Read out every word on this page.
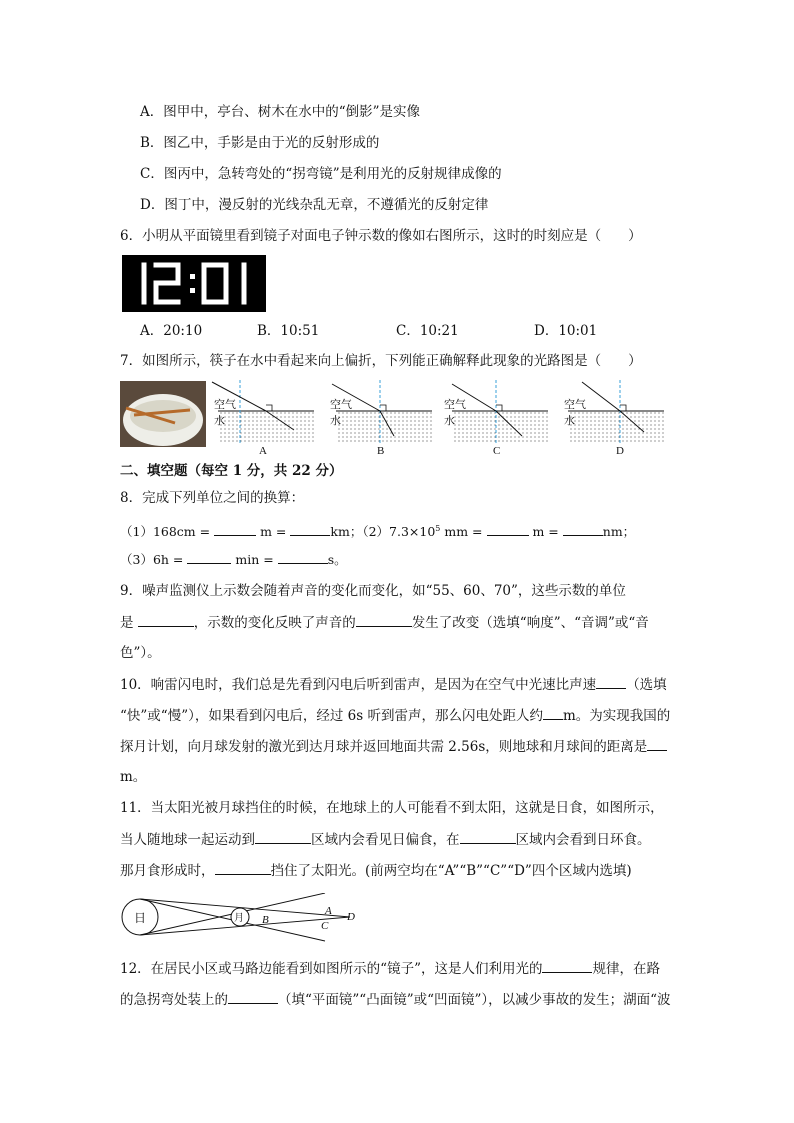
A．图甲中，亭台、树木在水中的“倒影”是实像
B．图乙中，手影是由于光的反射形成的
C．图丙中，急转弯处的“拐弯镜”是利用光的反射规律成像的
D．图丁中，漫反射的光线杂乱无章，不遵循光的反射定律
6．小明从平面镜里看到镜子对面电子钟示数的像如右图所示，这时的时刻应是（　　）
A．20:10	B．10:51	C．10:21	D．10:01
7．如图所示，筷子在水中看起来向上偏折，下列能正确解释此现象的光路图是（　　）
空气
水
A
空气
水
B
空气
水
C
空气
水
D
二、填空题（每空 1 分，共 22 分）
8．完成下列单位之间的换算：
（1）168cm =	m =	km；$(2)7.3\times 10^5$ mm =	m =	nm；
（3）6h =	min =	s。
9．噪声监测仪上示数会随着声音的变化而变化，如“55、60、70”，这些示数的单位
是	，示数的变化反映了声音的	发生了改变（选填“响度”、“音调”或“音
色”）。
10．响雷闪电时，我们总是先看到闪电后听到雷声，是因为在空气中光速比声速 （选填
“快”或“慢”），如果看到闪电后，经过 6s 听到雷声，那么闪电处距人约 m。为实现我国的
探月计划，向月球发射的激光到达月球并返回地面共需 2.56s，则地球和月球间的距离是
m。
11．当太阳光被月球挡住的时候，在地球上的人可能看不到太阳，这就是日食，如图所示，
当人随地球一起运动到	区域内会看见日偏食，在	区域内会看到日环食。
那月食形成时，	挡住了太阳光。(前两空均在“A”“B”“C”“D”四个区域内选填)
日	月 B
A
C
D
12．在居民小区或马路边能看到如图所示的“镜子”，这是人们利用光的	规律，在路
的急拐弯处装上的	（填“平面镜”“凸面镜”或“凹面镜”），以减少事故的发生；湖面“波
